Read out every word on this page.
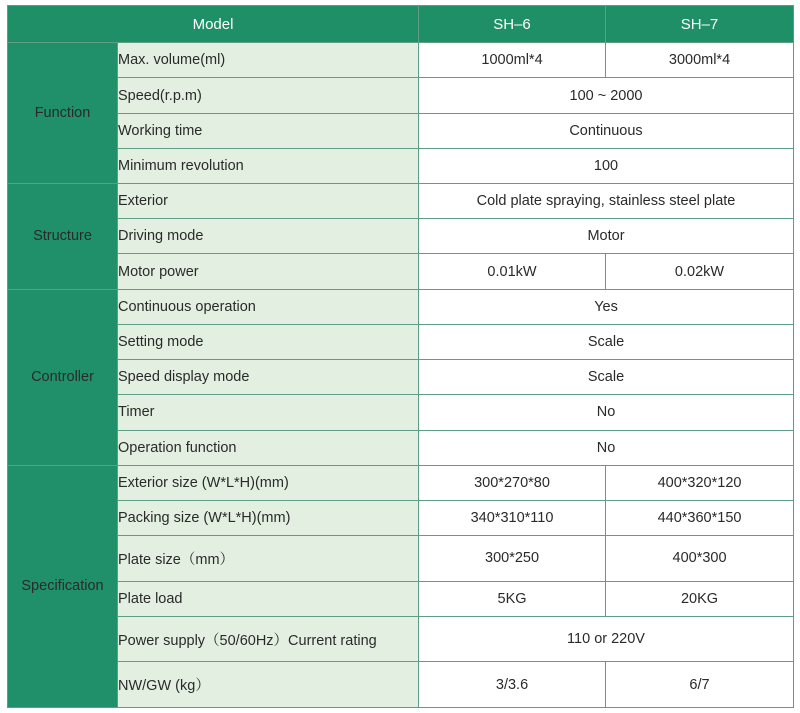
Model		SH–6	SH–7
Function	Max. volume(ml)	1000ml*4	3000ml*4
	Speed(r.p.m)	100 ~ 2000	
	Working time	Continuous	
	Minimum revolution	100	
Structure	Exterior	Cold plate spraying, stainless steel plate	
	Driving mode	Motor	
	Motor power	0.01kW	0.02kW
Controller	Continuous operation	Yes	
	Setting mode	Scale	
	Speed display mode	Scale	
	Timer	No	
	Operation function	No	
Specification	Exterior size (W*L*H)(mm)	300*270*80	400*320*120
	Packing size (W*L*H)(mm)	340*310*110	440*360*150
	Plate size（mm）	300*250	400*300
	Plate load	5KG	20KG
	Power supply（50/60Hz）Current rating	110 or 220V	
	NW/GW (kg）	3/3.6	6/7
